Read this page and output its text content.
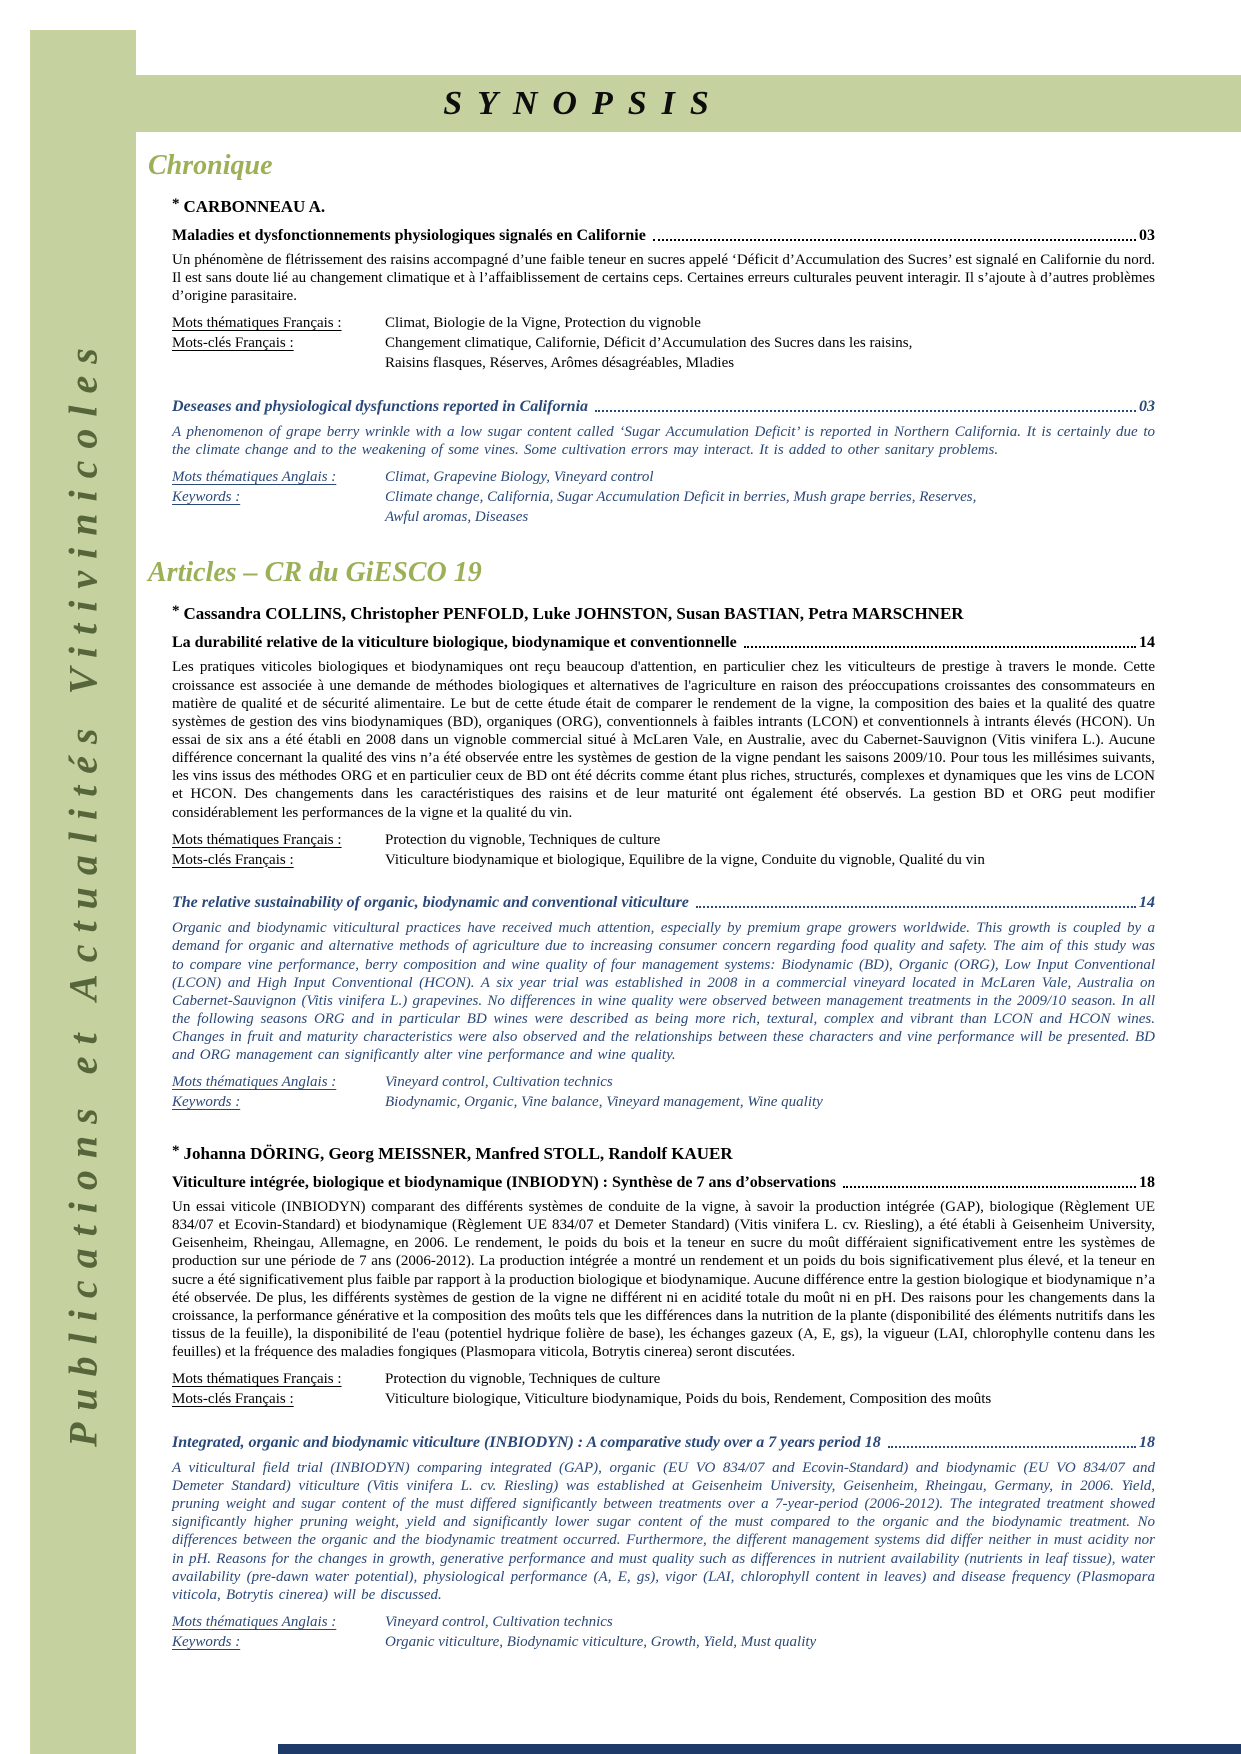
Publications et Actualités Vitivinicoles
SYNOPSIS
Chronique
* CARBONNEAU A.
Maladies et dysfonctionnements physiologiques signalés en Californie	03

Un phénomène de flétrissement des raisins accompagné d’une faible teneur en sucres appelé ‘Déficit d’Accumulation des Sucres’ est signalé en Californie du nord. Il est sans doute lié au changement climatique et à l’affaiblissement de certains ceps. Certaines erreurs culturales peuvent interagir. Il s’ajoute à d’autres problèmes d’origine parasitaire.

Mots thématiques Français :	Climat, Biologie de la Vigne, Protection du vignoble
Mots-clés Français :	Changement climatique, Californie, Déficit d’Accumulation des Sucres dans les raisins,
Raisins flasques, Réserves, Arômes désagréables, Mladies
Deseases and physiological dysfunctions reported in California	03

A phenomenon of grape berry wrinkle with a low sugar content called ‘Sugar Accumulation Deficit’ is reported in Northern California. It is certainly due to the climate change and to the weakening of some vines. Some cultivation errors may interact. It is added to other sanitary problems.

Mots thématiques Anglais :	Climat, Grapevine Biology, Vineyard control
Keywords :	Climate change, California, Sugar Accumulation Deficit in berries, Mush grape berries, Reserves,
Awful aromas, Diseases
Articles – CR du GiESCO 19
* Cassandra COLLINS, Christopher PENFOLD, Luke JOHNSTON, Susan BASTIAN, Petra MARSCHNER
La durabilité relative de la viticulture biologique, biodynamique et conventionnelle	14

Les pratiques viticoles biologiques et biodynamiques ont reçu beaucoup d'attention, en particulier chez les viticulteurs de prestige à travers le monde. Cette croissance est associée à une demande de méthodes biologiques et alternatives de l'agriculture en raison des préoccupations croissantes des consommateurs en matière de qualité et de sécurité alimentaire. Le but de cette étude était de comparer le rendement de la vigne, la composition des baies et la qualité des quatre systèmes de gestion des vins biodynamiques (BD), organiques (ORG), conventionnels à faibles intrants (LCON) et conventionnels à intrants élevés (HCON). Un essai de six ans a été établi en 2008 dans un vignoble commercial situé à McLaren Vale, en Australie, avec du Cabernet-Sauvignon (Vitis vinifera L.). Aucune différence concernant la qualité des vins n’a été observée entre les systèmes de gestion de la vigne pendant les saisons 2009/10. Pour tous les millésimes suivants, les vins issus des méthodes ORG et en particulier ceux de BD ont été décrits comme étant plus riches, structurés, complexes et dynamiques que les vins de LCON et HCON. Des changements dans les caractéristiques des raisins et de leur maturité ont également été observés. La gestion BD et ORG peut modifier considérablement les performances de la vigne et la qualité du vin.

Mots thématiques Français :	Protection du vignoble, Techniques de culture
Mots-clés Français :	Viticulture biodynamique et biologique, Equilibre de la vigne, Conduite du vignoble, Qualité du vin
The relative sustainability of organic, biodynamic and conventional viticulture	14

Organic and biodynamic viticultural practices have received much attention, especially by premium grape growers worldwide. This growth is coupled by a demand for organic and alternative methods of agriculture due to increasing consumer concern regarding food quality and safety. The aim of this study was to compare vine performance, berry composition and wine quality of four management systems: Biodynamic (BD), Organic (ORG), Low Input Conventional (LCON) and High Input Conventional (HCON). A six year trial was established in 2008 in a commercial vineyard located in McLaren Vale, Australia on Cabernet-Sauvignon (Vitis vinifera L.) grapevines. No differences in wine quality were observed between management treatments in the 2009/10 season. In all the following seasons ORG and in particular BD wines were described as being more rich, textural, complex and vibrant than LCON and HCON wines. Changes in fruit and maturity characteristics were also observed and the relationships between these characters and vine performance will be presented. BD and ORG management can significantly alter vine performance and wine quality.

Mots thématiques Anglais :	Vineyard control, Cultivation technics
Keywords :	Biodynamic, Organic, Vine balance, Vineyard management, Wine quality
* Johanna DÖRING, Georg MEISSNER, Manfred STOLL, Randolf KAUER
Viticulture intégrée, biologique et biodynamique (INBIODYN) : Synthèse de 7 ans d’observations	18

Un essai viticole (INBIODYN) comparant des différents systèmes de conduite de la vigne, à savoir la production intégrée (GAP), biologique (Règlement UE 834/07 et Ecovin-Standard) et biodynamique (Règlement UE 834/07 et Demeter Standard) (Vitis vinifera L. cv. Riesling), a été établi à Geisenheim University, Geisenheim, Rheingau, Allemagne, en 2006. Le rendement, le poids du bois et la teneur en sucre du moût différaient significativement entre les systèmes de production sur une période de 7 ans (2006-2012). La production intégrée a montré un rendement et un poids du bois significativement plus élevé, et la teneur en sucre a été significativement plus faible par rapport à la production biologique et biodynamique. Aucune différence entre la gestion biologique et biodynamique n’a été observée. De plus, les différents systèmes de gestion de la vigne ne différent ni en acidité totale du moût ni en pH. Des raisons pour les changements dans la croissance, la performance générative et la composition des moûts tels que les différences dans la nutrition de la plante (disponibilité des éléments nutritifs dans les tissus de la feuille), la disponibilité de l'eau (potentiel hydrique folière de base), les échanges gazeux (A, E, gs), la vigueur (LAI, chlorophylle contenu dans les feuilles) et la fréquence des maladies fongiques (Plasmopara viticola, Botrytis cinerea) seront discutées.

Mots thématiques Français :	Protection du vignoble, Techniques de culture
Mots-clés Français :	Viticulture biologique, Viticulture biodynamique, Poids du bois, Rendement, Composition des moûts
Integrated, organic and biodynamic viticulture (INBIODYN) : A comparative study over a 7 years period 18	18

A viticultural field trial (INBIODYN) comparing integrated (GAP), organic (EU VO 834/07 and Ecovin-Standard) and biodynamic (EU VO 834/07 and Demeter Standard) viticulture (Vitis vinifera L. cv. Riesling) was established at Geisenheim University, Geisenheim, Rheingau, Germany, in 2006. Yield, pruning weight and sugar content of the must differed significantly between treatments over a 7-year-period (2006-2012). The integrated treatment showed significantly higher pruning weight, yield and significantly lower sugar content of the must compared to the organic and the biodynamic treatment. No differences between the organic and the biodynamic treatment occurred. Furthermore, the different management systems did differ neither in must acidity nor in pH. Reasons for the changes in growth, generative performance and must quality such as differences in nutrient availability (nutrients in leaf tissue), water availability (pre-dawn water potential), physiological performance (A, E, gs), vigor (LAI, chlorophyll content in leaves) and disease frequency (Plasmopara viticola, Botrytis cinerea) will be discussed.

Mots thématiques Anglais :	Vineyard control, Cultivation technics
Keywords :	Organic viticulture, Biodynamic viticulture, Growth, Yield, Must quality
